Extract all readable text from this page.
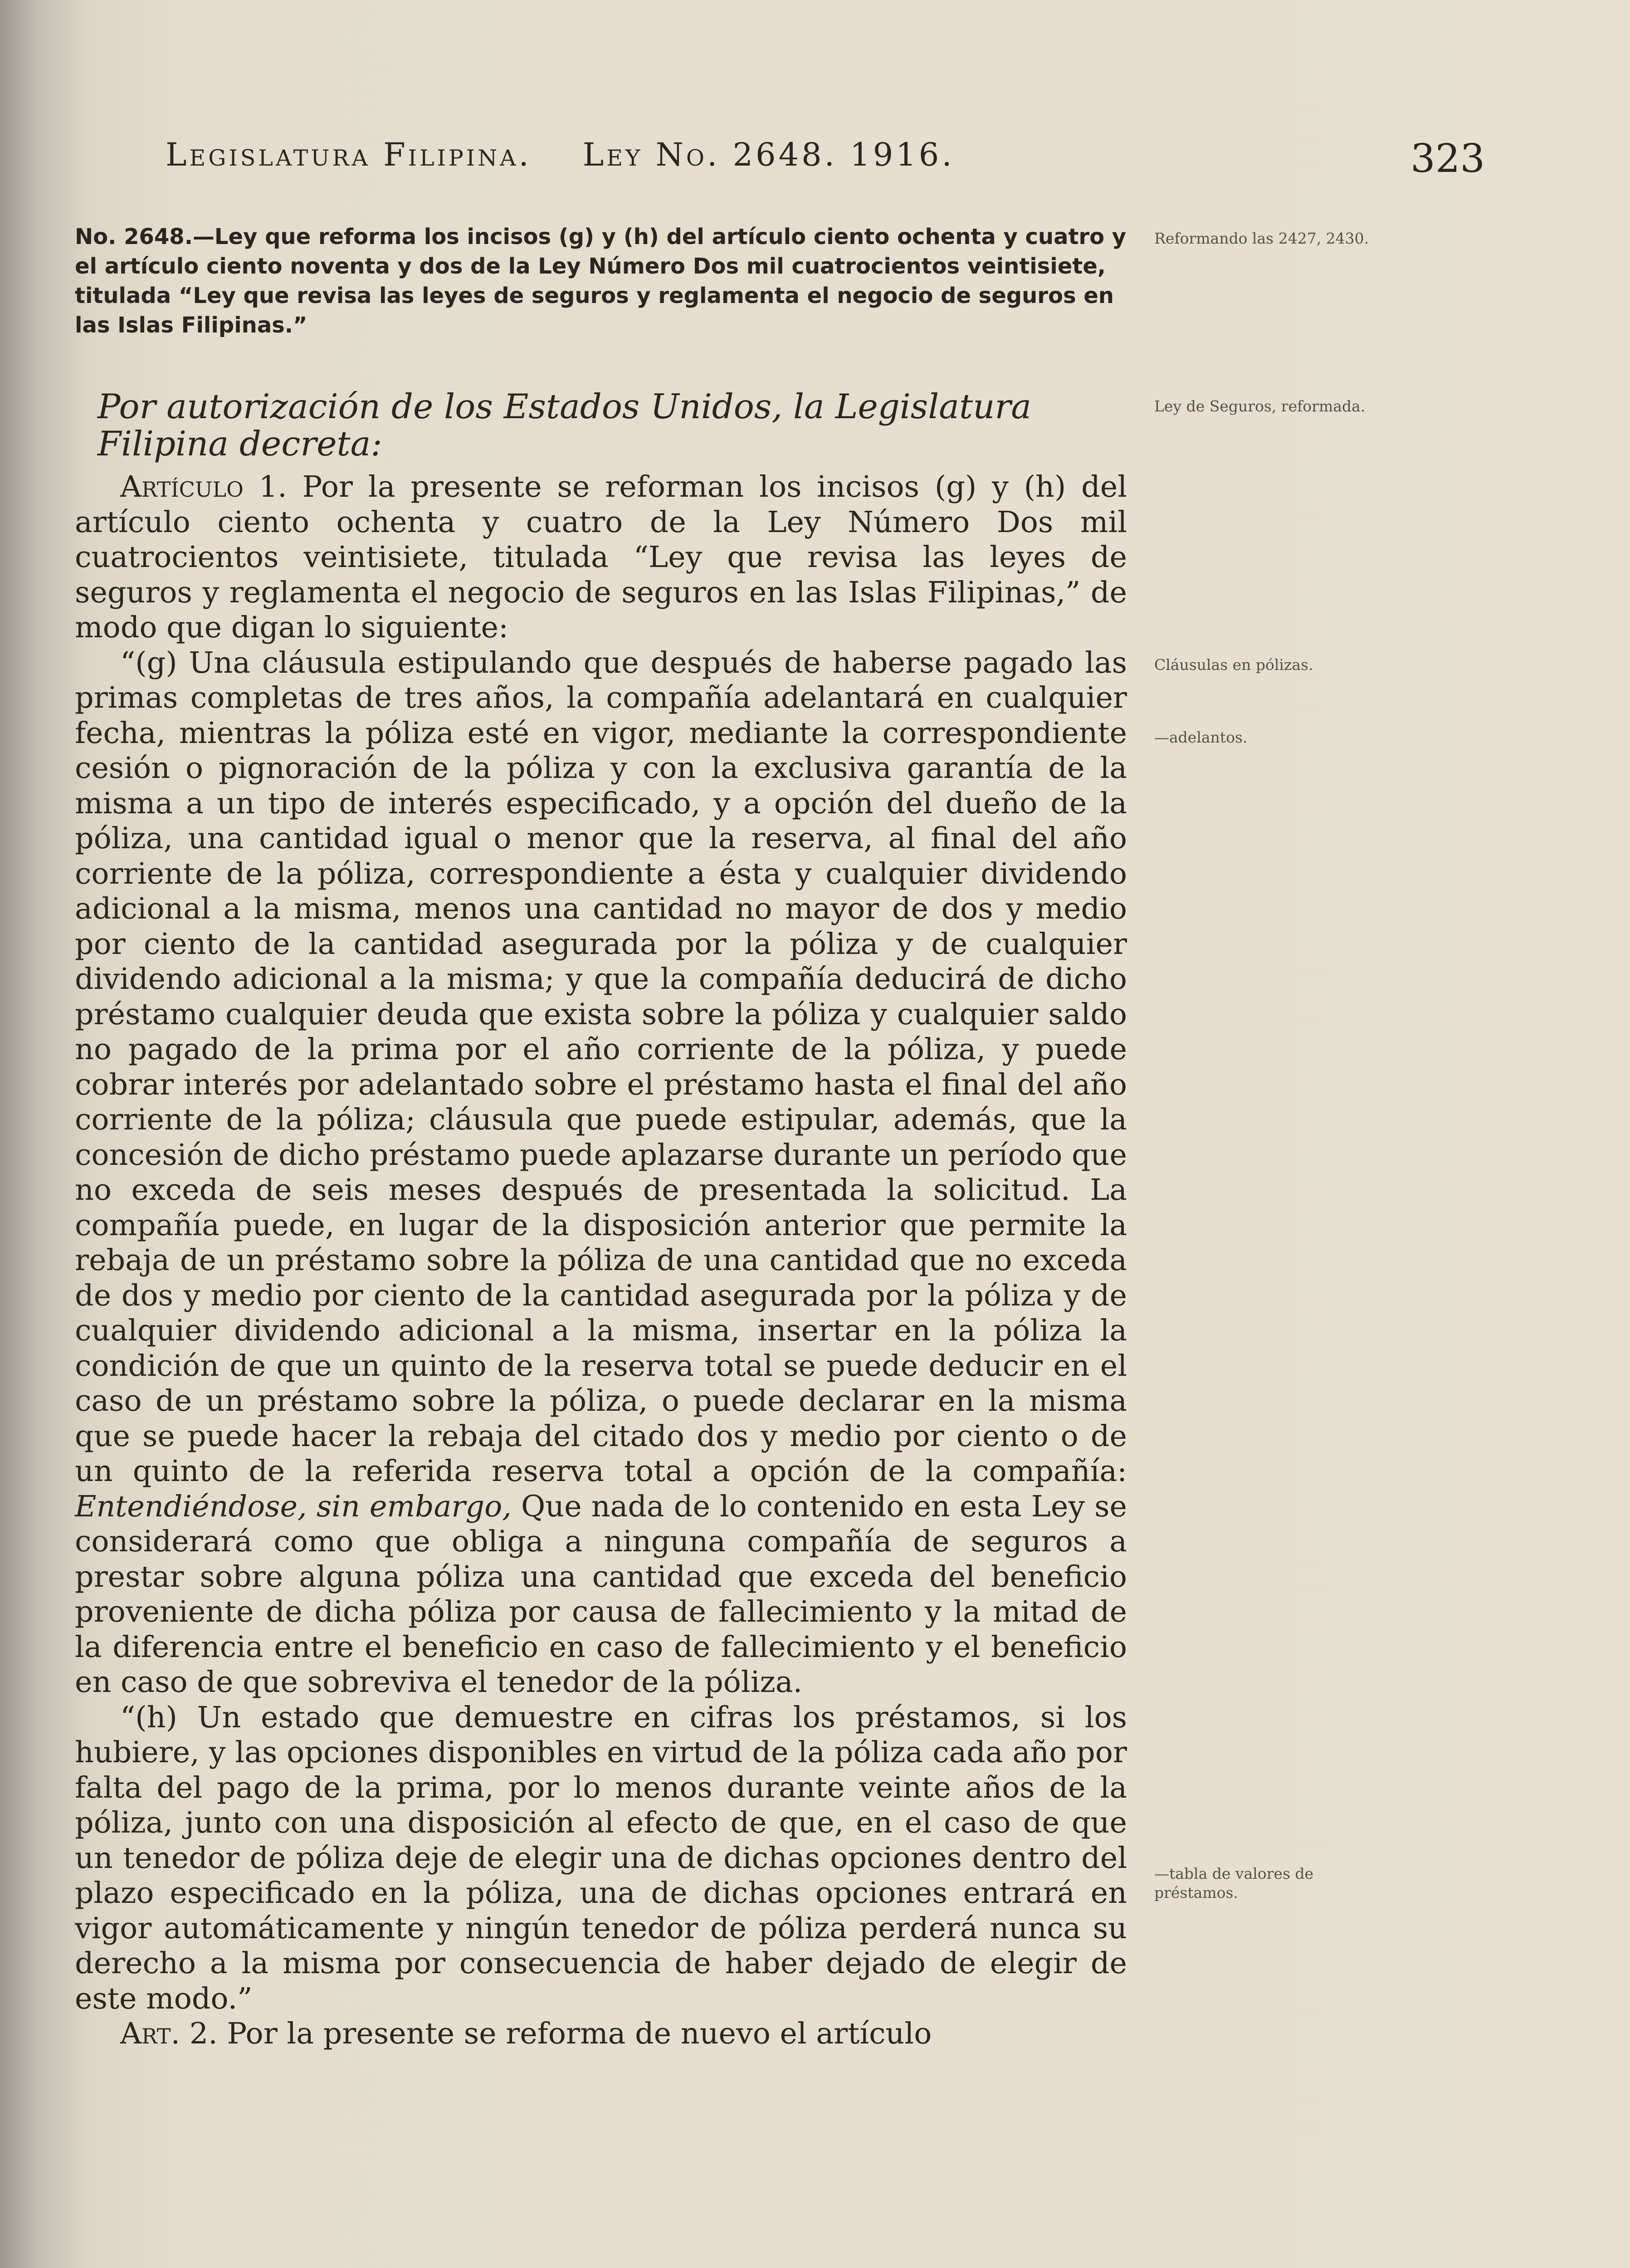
Legislatura Filipina. Ley No. 2648. 1916.	323
No. 2648.—Ley que reforma los incisos (g) y (h) del artículo ciento ochenta y cuatro y el artículo ciento noventa y dos de la Ley Número Dos mil cuatrocientos veintisiete, titulada “Ley que revisa las leyes de seguros y reglamenta el negocio de seguros en las Islas Filipinas.”
Por autorización de los Estados Unidos, la Legislatura Filipina decreta:

Artículo 1. Por la presente se reforman los incisos (g) y (h) del artículo ciento ochenta y cuatro de la Ley Número Dos mil cuatrocientos veintisiete, titulada “Ley que revisa las leyes de seguros y reglamenta el negocio de seguros en las Islas Filipinas,” de modo que digan lo siguiente:

“(g) Una cláusula estipulando que después de haberse pagado las primas completas de tres años, la compañía adelantará en cualquier fecha, mientras la póliza esté en vigor, mediante la correspondiente cesión o pignoración de la póliza y con la exclusiva garantía de la misma a un tipo de interés especificado, y a opción del dueño de la póliza, una cantidad igual o menor que la reserva, al final del año corriente de la póliza, correspondiente a ésta y cualquier dividendo adicional a la misma, menos una cantidad no mayor de dos y medio por ciento de la cantidad asegurada por la póliza y de cualquier dividendo adicional a la misma; y que la compañía deducirá de dicho préstamo cualquier deuda que exista sobre la póliza y cualquier saldo no pagado de la prima por el año corriente de la póliza, y puede cobrar interés por adelantado sobre el préstamo hasta el final del año corriente de la póliza; cláusula que puede estipular, además, que la concesión de dicho préstamo puede aplazarse durante un período que no exceda de seis meses después de presentada la solicitud. La compañía puede, en lugar de la disposición anterior que permite la rebaja de un préstamo sobre la póliza de una cantidad que no exceda de dos y medio por ciento de la cantidad asegurada por la póliza y de cualquier dividendo adicional a la misma, insertar en la póliza la condición de que un quinto de la reserva total se puede deducir en el caso de un préstamo sobre la póliza, o puede declarar en la misma que se puede hacer la rebaja del citado dos y medio por ciento o de un quinto de la referida reserva total a opción de la compañía: Entendiéndose, sin embargo, Que nada de lo contenido en esta Ley se considerará como que obliga a ninguna compañía de seguros a prestar sobre alguna póliza una cantidad que exceda del beneficio proveniente de dicha póliza por causa de fallecimiento y la mitad de la diferencia entre el beneficio en caso de fallecimiento y el beneficio en caso de que sobreviva el tenedor de la póliza.

“(h) Un estado que demuestre en cifras los préstamos, si los hubiere, y las opciones disponibles en virtud de la póliza cada año por falta del pago de la prima, por lo menos durante veinte años de la póliza, junto con una disposición al efecto de que, en el caso de que un tenedor de póliza deje de elegir una de dichas opciones dentro del plazo especificado en la póliza, una de dichas opciones entrará en vigor automáticamente y ningún tenedor de póliza perderá nunca su derecho a la misma por consecuencia de haber dejado de elegir de este modo.”

Art. 2. Por la presente se reforma de nuevo el artículo

Reformando las 2427, 2430.
Ley de Seguros, reformada.
Cláusulas en pólizas.
—adelantos.
—tabla de valores de préstamos.
